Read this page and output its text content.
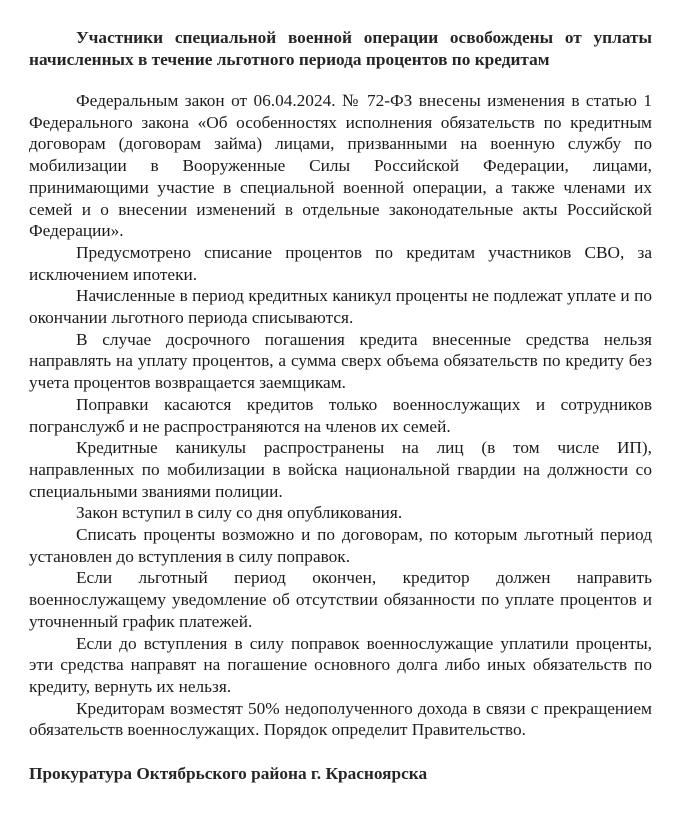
Участники специальной военной операции освобождены от уплаты начисленных в течение льготного периода процентов по кредитам

Федеральным закон от 06.04.2024. № 72-ФЗ внесены изменения в статью 1 Федерального закона «Об особенностях исполнения обязательств по кредитным договорам (договорам займа) лицами, призванными на военную службу по мобилизации в Вооруженные Силы Российской Федерации, лицами, принимающими участие в специальной военной операции, а также членами их семей и о внесении изменений в отдельные законодательные акты Российской Федерации».

Предусмотрено списание процентов по кредитам участников СВО, за исключением ипотеки.

Начисленные в период кредитных каникул проценты не подлежат уплате и по окончании льготного периода списываются.

В случае досрочного погашения кредита внесенные средства нельзя направлять на уплату процентов, а сумма сверх объема обязательств по кредиту без учета процентов возвращается заемщикам.

Поправки касаются кредитов только военнослужащих и сотрудников погранслужб и не распространяются на членов их семей.

Кредитные каникулы распространены на лиц (в том числе ИП), направленных по мобилизации в войска национальной гвардии на должности со специальными званиями полиции.

Закон вступил в силу со дня опубликования.

Списать проценты возможно и по договорам, по которым льготный период установлен до вступления в силу поправок.

Если льготный период окончен, кредитор должен направить военнослужащему уведомление об отсутствии обязанности по уплате процентов и уточненный график платежей.

Если до вступления в силу поправок военнослужащие уплатили проценты, эти средства направят на погашение основного долга либо иных обязательств по кредиту, вернуть их нельзя.

Кредиторам возместят 50% недополученного дохода в связи с прекращением обязательств военнослужащих. Порядок определит Правительство.

Прокуратура Октябрьского района г. Красноярска
